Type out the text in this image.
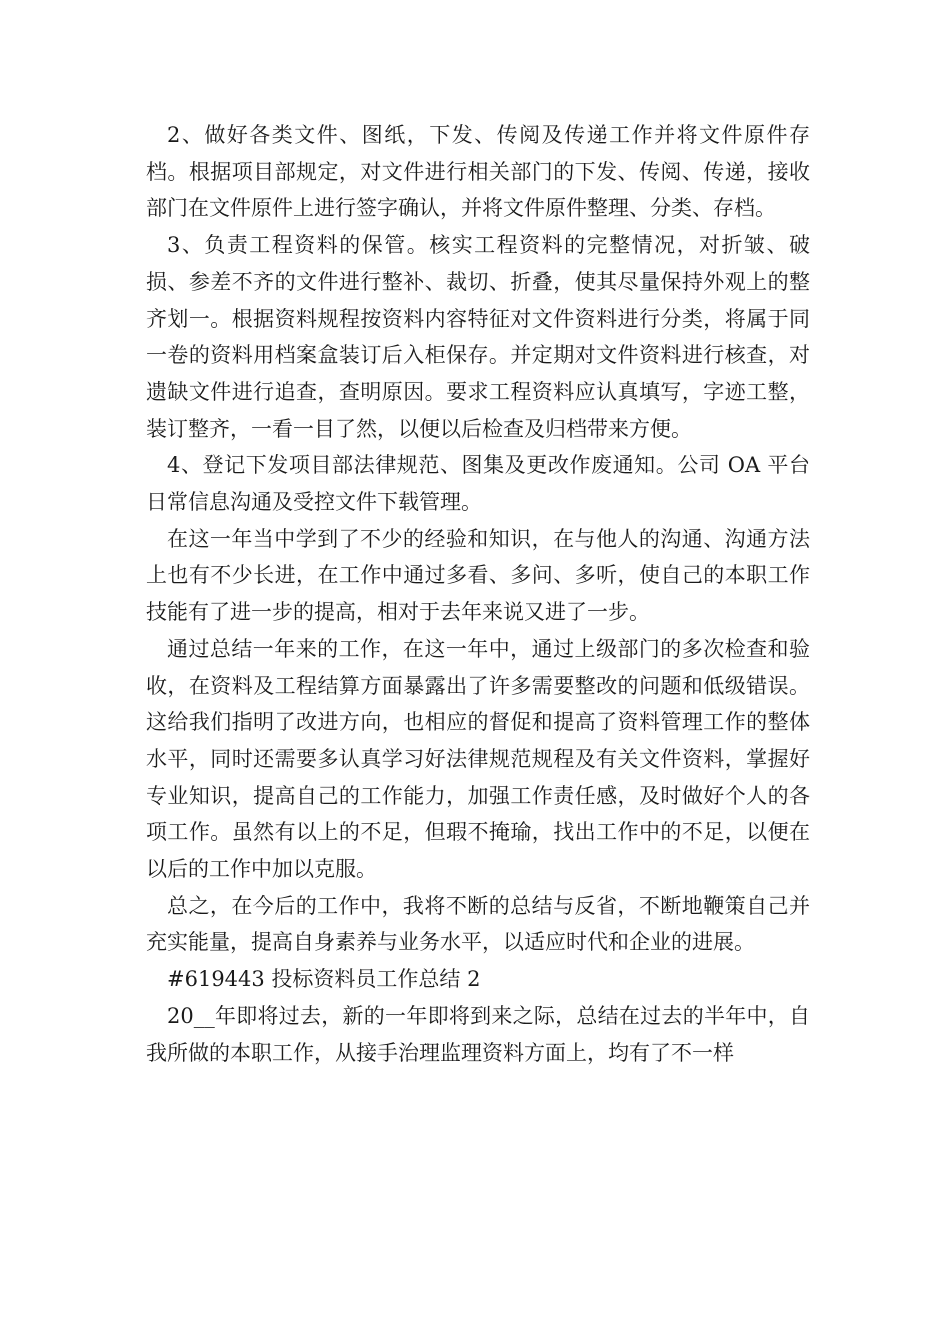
2、做好各类文件、图纸，下发、传阅及传递工作并将文件原件存档。根据项目部规定，对文件进行相关部门的下发、传阅、传递，接收部门在文件原件上进行签字确认，并将文件原件整理、分类、存档。

3、负责工程资料的保管。核实工程资料的完整情况，对折皱、破损、参差不齐的文件进行整补、裁切、折叠，使其尽量保持外观上的整齐划一。根据资料规程按资料内容特征对文件资料进行分类，将属于同一卷的资料用档案盒装订后入柜保存。并定期对文件资料进行核查，对遗缺文件进行追查，查明原因。要求工程资料应认真填写，字迹工整，装订整齐，一看一目了然，以便以后检查及归档带来方便。

4、登记下发项目部法律规范、图集及更改作废通知。公司 OA 平台日常信息沟通及受控文件下载管理。

在这一年当中学到了不少的经验和知识，在与他人的沟通、沟通方法上也有不少长进，在工作中通过多看、多问、多听，使自己的本职工作技能有了进一步的提高，相对于去年来说又进了一步。

通过总结一年来的工作，在这一年中，通过上级部门的多次检查和验收，在资料及工程结算方面暴露出了许多需要整改的问题和低级错误。这给我们指明了改进方向，也相应的督促和提高了资料管理工作的整体水平，同时还需要多认真学习好法律规范规程及有关文件资料，掌握好专业知识，提高自己的工作能力，加强工作责任感，及时做好个人的各项工作。虽然有以上的不足，但瑕不掩瑜，找出工作中的不足，以便在以后的工作中加以克服。

总之，在今后的工作中，我将不断的总结与反省，不断地鞭策自己并充实能量，提高自身素养与业务水平，以适应时代和企业的进展。

#619443 投标资料员工作总结 2

20__年即将过去，新的一年即将到来之际，总结在过去的半年中，自我所做的本职工作，从接手治理监理资料方面上，均有了不一样
